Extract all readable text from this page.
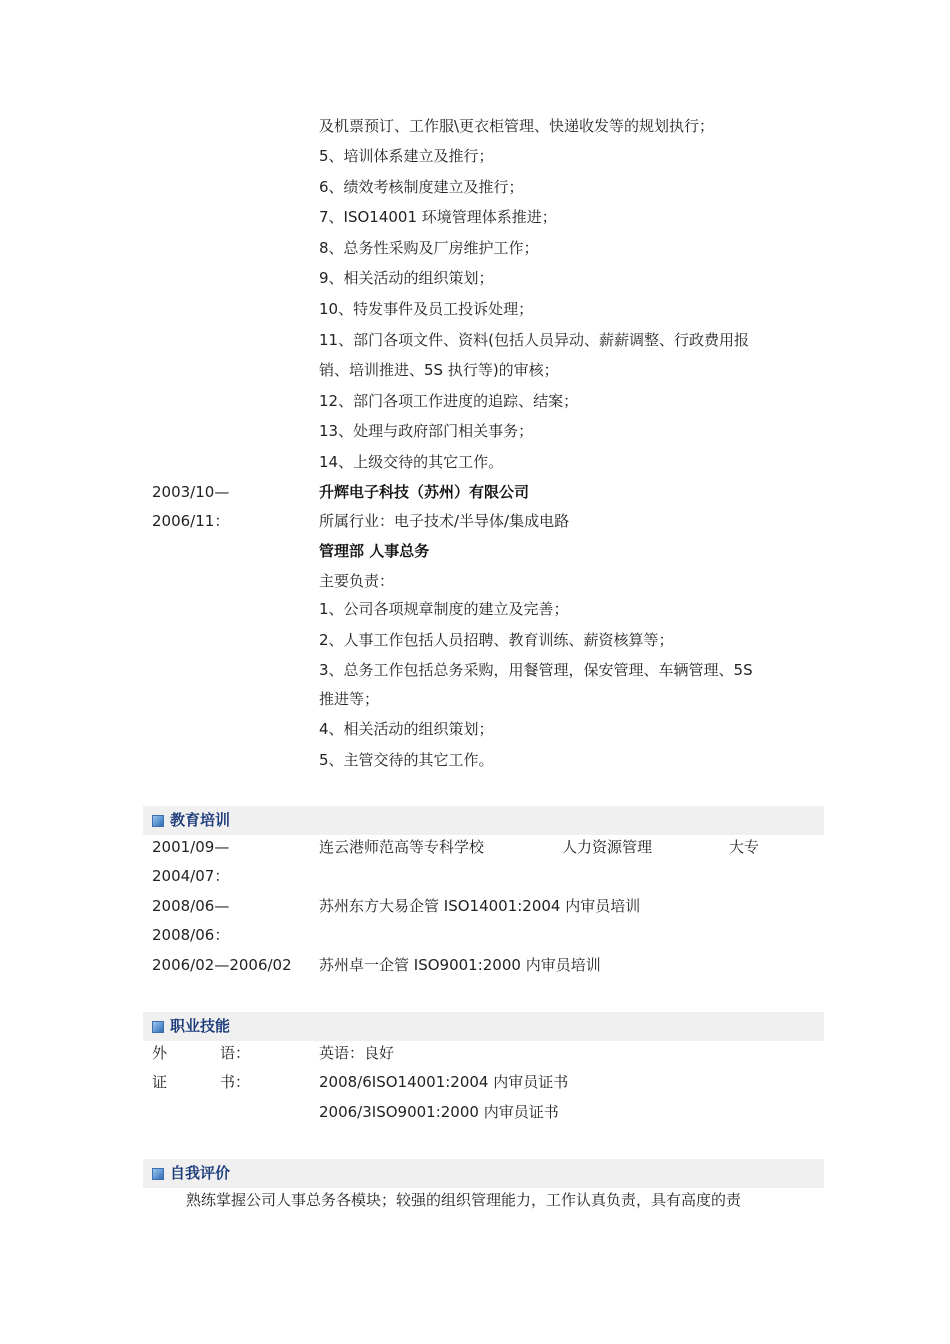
及机票预订、工作服\更衣柜管理、快递收发等的规划执行；
5、培训体系建立及推行；
6、绩效考核制度建立及推行；
7、ISO14001 环境管理体系推进；
8、总务性采购及厂房维护工作；
9、相关活动的组织策划；
10、特发事件及员工投诉处理；
11、部门各项文件、资料(包括人员异动、薪薪调整、行政费用报
销、培训推进、5S 执行等)的审核；
12、部门各项工作进度的追踪、结案；
13、处理与政府部门相关事务；
14、上级交待的其它工作。
2003/10—	升辉电子科技（苏州）有限公司
2006/11：	所属行业：电子技术/半导体/集成电路
管理部 人事总务
主要负责：
1、公司各项规章制度的建立及完善；
2、人事工作包括人员招聘、教育训练、薪资核算等；
3、总务工作包括总务采购，用餐管理，保安管理、车辆管理、5S
推进等；
4、相关活动的组织策划；
5、主管交待的其它工作。
教育培训
2001/09—	连云港师范高等专科学校	人力资源管理	大专
2004/07：
2008/06—	苏州东方大易企管 ISO14001:2004 内审员培训
2008/06：
2006/02—2006/02 苏州卓一企管 ISO9001:2000 内审员培训
职业技能
外	语：	英语：良好
证	书：	2008/6ISO14001:2004 内审员证书
2006/3ISO9001:2000 内审员证书
自我评价
熟练掌握公司人事总务各模块；较强的组织管理能力，工作认真负责，具有高度的责
